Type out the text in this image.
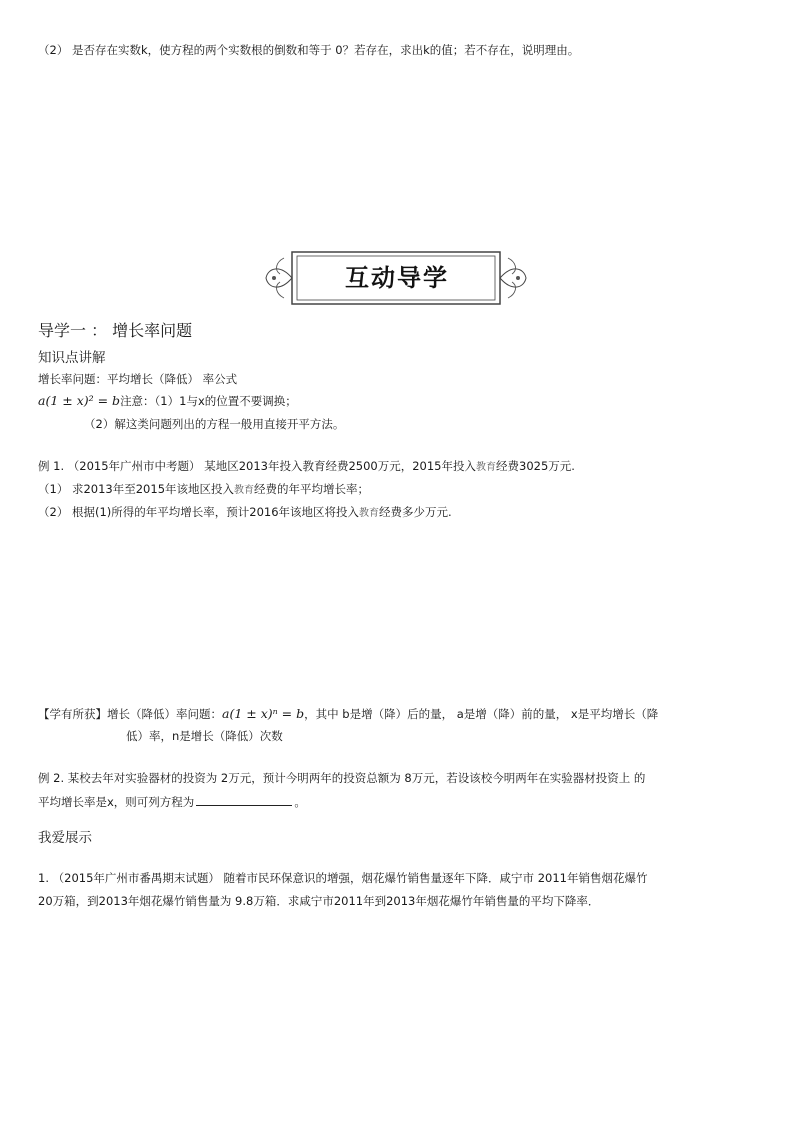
（2） 是否存在实数k，使方程的两个实数根的倒数和等于 0？若存在，求出k的值；若不存在，说明理由。
互动导学
导学一 ： 增长率问题
知识点讲解
增长率问题：平均增长（降低） 率公式
a(1 ± x)² = b注意：（1）1与x的位置不要调换；
（2）解这类问题列出的方程一般用直接开平方法。
例 1. （2015年广州市中考题） 某地区2013年投入教育经费2500万元，2015年投入教育经费3025万元.
（1） 求2013年至2015年该地区投入教育经费的年平均增长率；
（2） 根据(1)所得的年平均增长率，预计2016年该地区将投入教育经费多少万元.
【学有所获】增长（降低）率问题：a(1 ± x)ⁿ = b，其中 b是增（降）后的量， a是增（降）前的量， x是平均增长（降
低）率，n是增长（降低）次数
例 2. 某校去年对实验器材的投资为 2万元，预计今明两年的投资总额为 8万元，若设该校今明两年在实验器材投资上 的
平均增长率是x，则可列方程为	。
我爱展示
1. （2015年广州市番禺期末试题） 随着市民环保意识的增强，烟花爆竹销售量逐年下降．咸宁市 2011年销售烟花爆竹
20万箱，到2013年烟花爆竹销售量为 9.8万箱．求咸宁市2011年到2013年烟花爆竹年销售量的平均下降率．
